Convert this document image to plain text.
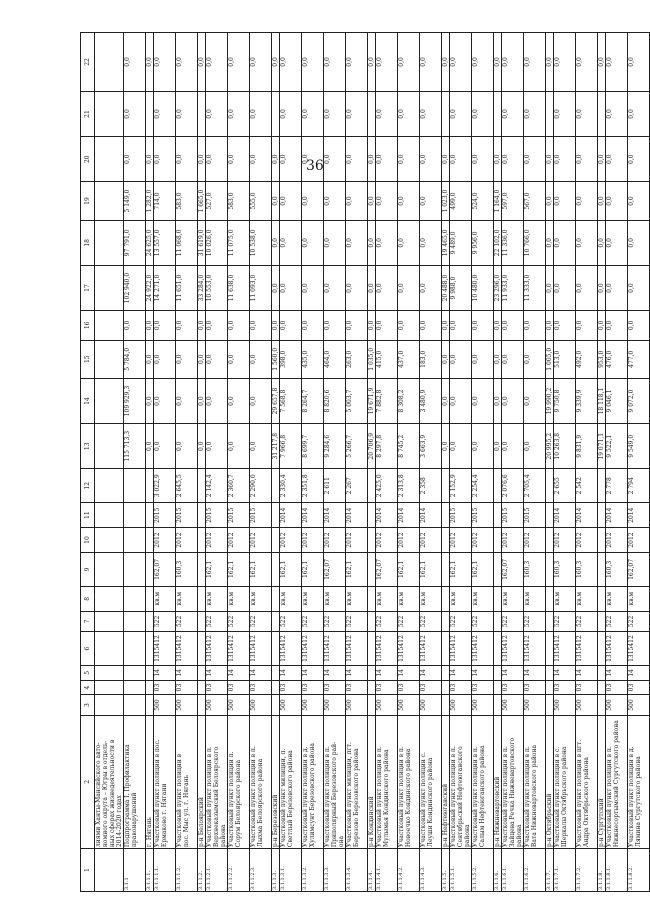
36
1	2	3	4	5	6	7	8	9	10	11	12	13	14	15	16	17	18	19	20	21	22
	лиями Ханты-Мансийского авто-
номного округа – Югры в отдель-
ных сферах жизнедеятельности в
2014-2020 годах																				
3.1.1	Подпрограмма I. Профилактика
правонарушений											115 713,3	109 929,3	5 784,0	0,0	102 940,0	97 791,0	5 149,0	0,0	0,0	0,0
3.1.1.1.	г. Нягань											0,0	0,0	0,0	0,0	24 922,0	24 625,0	1 282,0	0,0		0,0
3.1.1.1.1.	Участковый пункт полиции в пос.
Ермаково г. Нягани	500	03	14	1315412	522	кв.м	162,07	2012	2015	3 022,9	0,0	0,0	0,0	0,0	14 271,0	13 557,0	714,0	0,0	0,0	0,0
3.1.1.1.2.	Участковый пункт полиции в
пос. Мыс ул. г. Нягань	500	03	14	1315412	522	кв.м	160,3	2012	2015	2 645,5	0,0	0,0	0,0	0,0	11 651,0	11 068,0	583,0	0,0	0,0	0,0
3.1.1.2.	р-н Белоярский											0,0	0,0	0,0	0,0	33 284,0	31 619,0	1 665,0	0,0		0,0
3.1.1.2.1.	Участковый пункт полиции в п.
Верхнеказымский Белоярского
района	500	03	14	1315412	522	кв.м	162,1	2012	2015	2 142,4	0,0	0,0	0,0	0,0	10 553,0	10 026,0	527,0	0,0	0,0	0,0
3.1.1.2.2.	Участковый пункт полиции п.
Сорум Белоярского района	500	03	14	1315412	522	кв.м	162,1	2012	2015	2 360,7	0,0	0,0	0,0	0,0	11 638,0	11 075,0	583,0	0,0	0,0	0,0
3.1.1.2.3.	Участковый пункт полиции в п.
Лыхма Белоярского района	500	03	14	1315412	522	кв.м	162,1	2012	2015	2 290,0	0,0	0,0	0,0	0,0	11 093,0	10 538,0	555,0	0,0	0,0	0,0
3.1.1.3.	р-н Березовский											31 217,8	29 657,8	1 560,0	0,0	0,0	0,0	0,0	0,0		0,0
3.1.1.3.1.	Участковый пункт милиции, п.
Светлый Березовского района	500	03	14	1315412	522	кв.м	162,1	2012	2014	2 330,4	7 966,8	7 568,8	398,0	0,0	0,0	0,0	0,0	0,0	0,0	0,0
3.1.1.3.2.	Участковый пункт полиции в д.
Хулимсунт Березовского района	500	03	14	1315412	522	кв.м	162,1	2012	2014	2 351,8	8 699,7	8 264,7	435,0	0,0	0,0	0,0	0,0	0,0	0,0	0,0
3.1.1.3.3.	Участковый пункт полиции в п.
Приполярный Березовского рай-
она	500	03	14	1315412	522	кв.м	162,07	2012	2014	2 611	9 284,6	8 820,6	464,0	0,0	0,0	0,0	0,0	0,0	0,0	0,0
3.1.1.3.4.	Участковый пункт милиции, пгт.
Березово Березовского района	500	03	14	1315412	522	кв.м	162,1	2012	2014	2 267	5 266,7	5 003,7	263,0	0,0	0,0	0,0	0,0	0,0	0,0	0,0
3.1.1.4.	р-н Кондинский											20 706,9	19 671,9	1 035,0	0,0	0,0	0,0	0,0	0,0		0,0
3.1.1.4.1.	Участковый пункт полиции в п.
Мулымья Кондинского района	500	03	14	1315412	522	кв.м	162,07	2012	2014	2 425,0	8 297,8	7 882,8	415,0	0,0	0,0	0,0	0,0	0,0	0,0	0,0
3.1.1.4.2.	Участковый пункт полиции в п.
Новоечко Кондинского района	500	03	14	1315412	522	кв.м	162,1	2012	2014	2 313,8	8 745,2	8 308,2	437,0	0,0	0,0	0,0	0,0	0,0	0,0	0,0
3.1.1.4.3.	Участковый пункт полиции с.
Леуши Кондинского района	500	03	14	1315412	522	кв.м	162,1	2012	2014	2 358	3 663,9	3 480,9	183,0	0,0	0,0	0,0	0,0	0,0	0,0	0,0
3.1.1.5.	р-н Нефтеюганский											0,0	0,0	0,0	0,0	20 488,0	19 465,0	1 023,0	0,0		0,0
3.1.1.5.1.	Участковый пункт полиции в п.
Сентябрьский Нефтеюганского
района	500	03	14	1315412	522	кв.м	162,1	2012	2015	2 152,9	0,0	0,0	0,0	0,0	9 988,0	9 489,0	499,0	0,0	0,0	0,0
3.1.1.5.2.	Участковый пункт полиции в п.
Салым Нефтеюганского района	500	03	14	1315412	522	кв.м	162,1	2012	2015	2 254,4	0,0	0,0	0,0	0,0	10 480,0	9 956,0	524,0	0,0	0,0	0,0
3.1.1.6.	р-н Нижневартовский											0,0	0,0	0,0	0,0	23 296,0	22 102,0	1 164,0	0,0		0,0
3.1.1.6.1.	Участковый пункт полиции в п.
Зайцева Речка Нижневартовского
района	500	03	14	1315412	522	кв.м	162,07	2012	2015	2 076,6	0,0	0,0	0,0	0,0	11 933,0	11 336,0	597,0	0,0	0,0	0,0
3.1.1.6.2.	Участковый пункт полиции в п.
Вата Нижневартовского района	500	03	14	1315412	522	кв.м	160,3	2012	2015	2 705,4	0,0	0,0	0,0	0,0	11 333,0	10 766,0	567,0	0,0	0,0	0,0
3.1.1.7.	р-н Октябрьский											20 995,2	19 990,2	1 005,0	0,0	0,0	0,0	0,0	0,0		0,0
3.1.1.7.1.	Участковый пункт полиции в с.
Шеркалы Октябрьского района	500	03	14	1315412	522	кв.м	160,3	2012	2014	2 655	10 263,8	9 750,8	513,0	0,0	0,0	0,0	0,0	0,0	0,0	0,0
3.1.1.7.2.	Участковый пункт полиции в пгт.
Андра Октябрьского района	500	03	14	1315412	522	кв.м	160,3	2012	2014	2 542	9 831,9	9 339,9	492,0	0,0	0,0	0,0	0,0	0,0	0,0	0,0
3.1.1.8.	р-н Сургутский											19 071,1	18 118,1	953,0	0,0	0,0	0,0	0,0	0,0		0,0
3.1.1.8.1.	Участковый пункт полиции в п.
Нижнесортымский Сургутского района	500	03	14	1315412	522	кв.м	160,3	2012	2014	2 778	9 522,1	9 046,1	476,0	0,0	0,0	0,0	0,0	0,0	0,0	0,0
3.1.1.8.2.	Участковый пункт полиции в д.
Лямина Сургутского района	500	03	14	1315412	522	кв.м	162,07	2012	2014	2 794	9 549,0	9 072,0	477,0	0,0	0,0	0,0	0,0	0,0	0,0	0,0
